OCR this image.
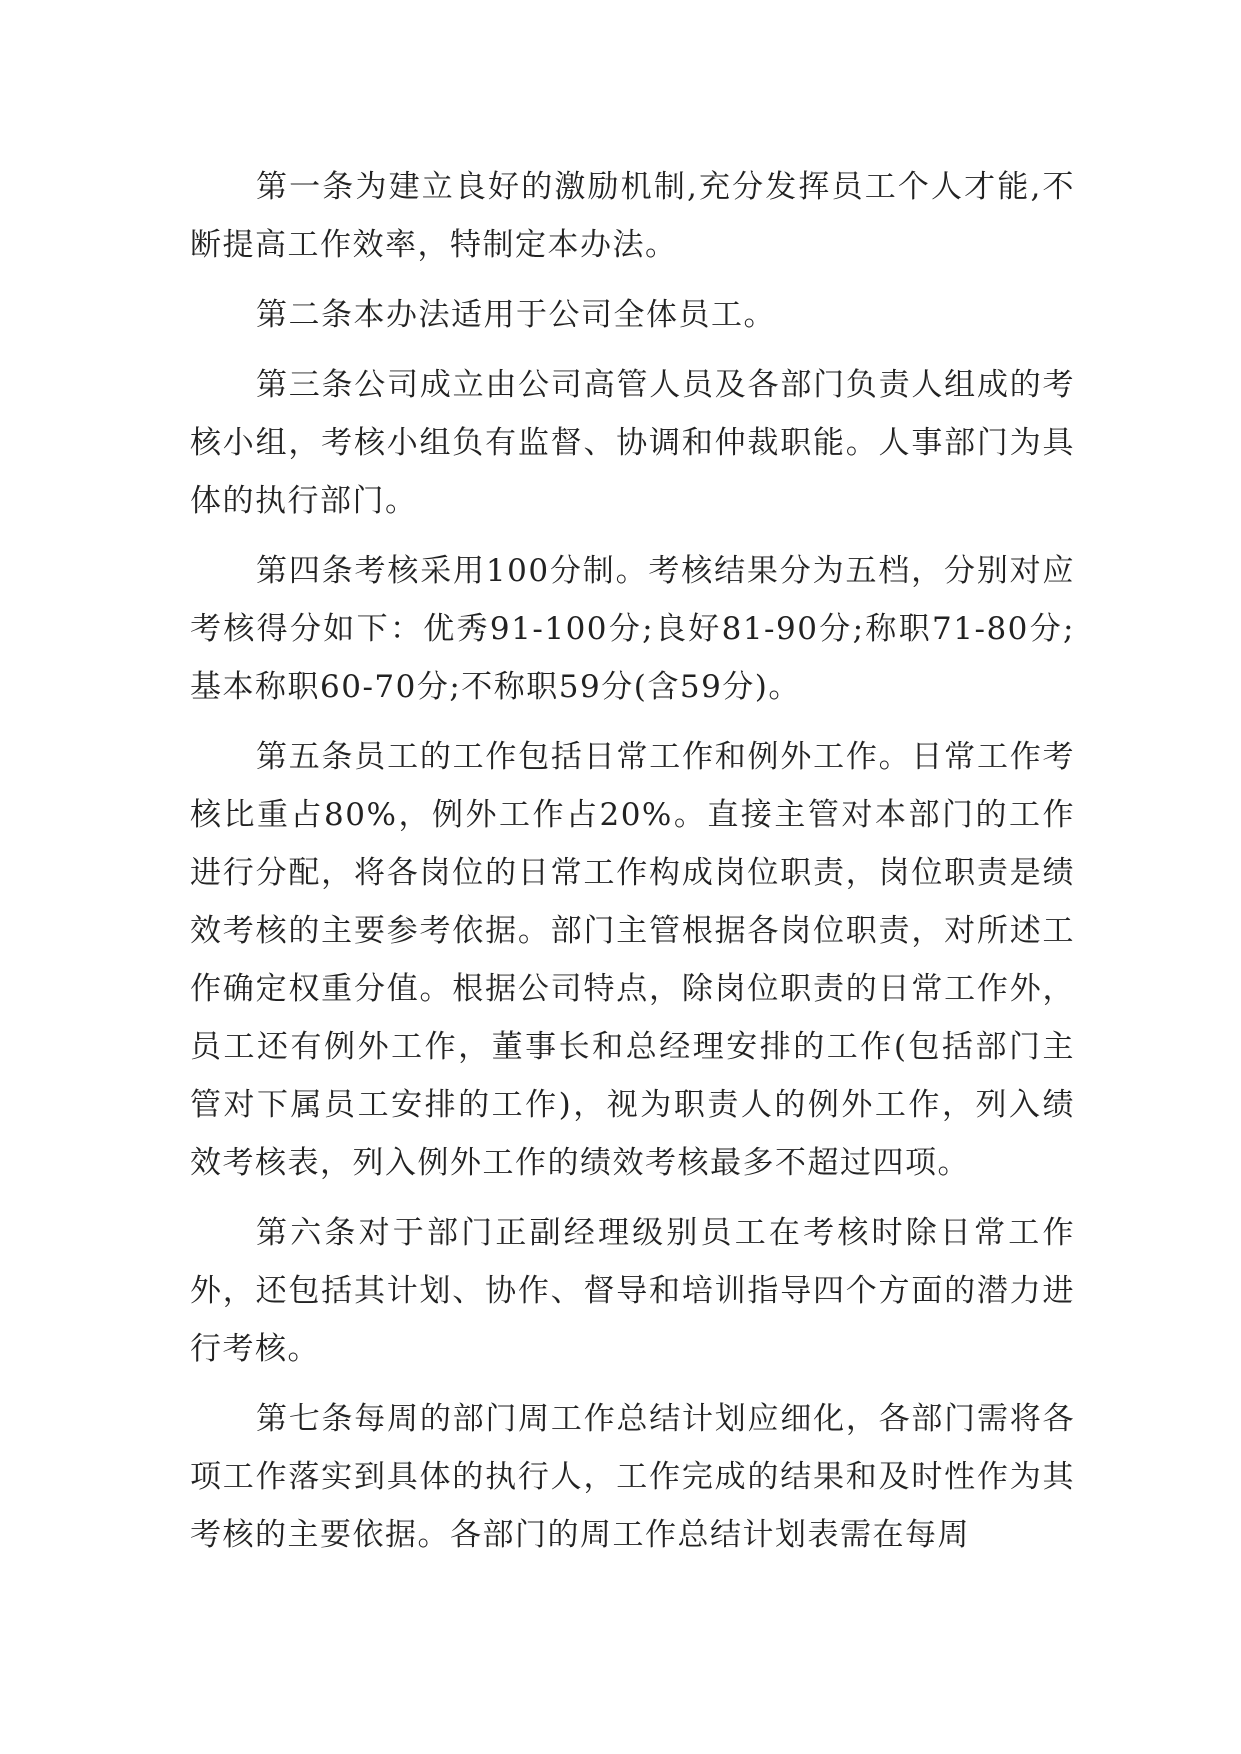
第一条为建立良好的激励机制,充分发挥员工个人才能,不断提高工作效率，特制定本办法。

第二条本办法适用于公司全体员工。

第三条公司成立由公司高管人员及各部门负责人组成的考核小组，考核小组负有监督、协调和仲裁职能。人事部门为具体的执行部门。

第四条考核采用100分制。考核结果分为五档，分别对应考核得分如下：优秀91-100分;良好81-90分;称职71-80分;基本称职60-70分;不称职59分(含59分)。

第五条员工的工作包括日常工作和例外工作。日常工作考核比重占80%，例外工作占20%。直接主管对本部门的工作进行分配，将各岗位的日常工作构成岗位职责，岗位职责是绩效考核的主要参考依据。部门主管根据各岗位职责，对所述工作确定权重分值。根据公司特点，除岗位职责的日常工作外，员工还有例外工作，董事长和总经理安排的工作(包括部门主管对下属员工安排的工作)，视为职责人的例外工作，列入绩效考核表，列入例外工作的绩效考核最多不超过四项。

第六条对于部门正副经理级别员工在考核时除日常工作外，还包括其计划、协作、督导和培训指导四个方面的潜力进行考核。

第七条每周的部门周工作总结计划应细化，各部门需将各项工作落实到具体的执行人，工作完成的结果和及时性作为其考核的主要依据。各部门的周工作总结计划表需在每周
